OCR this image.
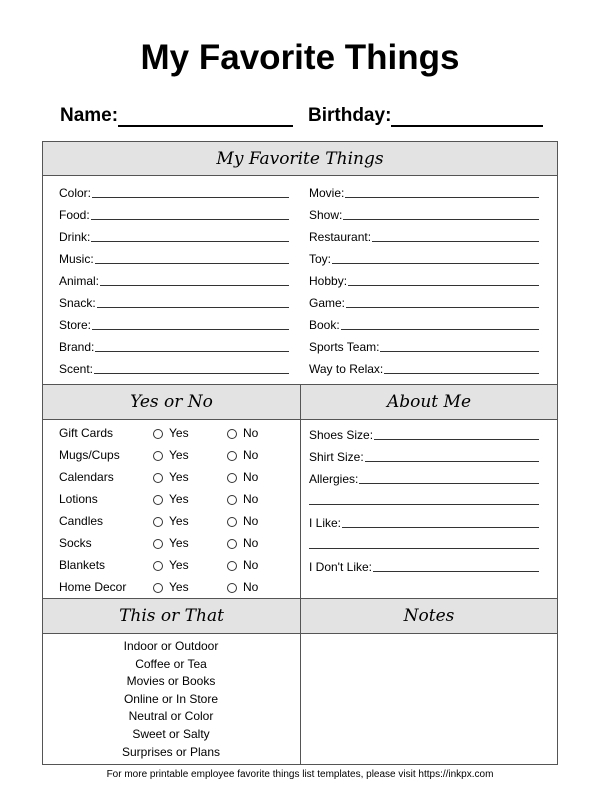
My Favorite Things
Name:	Birthday:
My Favorite Things
Color:
Food:
Drink:
Music:
Animal:
Snack:
Store:
Brand:
Scent:
Movie:
Show:
Restaurant:
Toy:
Hobby:
Game:
Book:
Sports Team:
Way to Relax:
Yes or No	About Me
Gift Cards	Yes	No
Mugs/Cups	Yes	No
Calendars	Yes	No
Lotions	Yes	No
Candles	Yes	No
Socks	Yes	No
Blankets	Yes	No
Home Decor	Yes	No
Shoes Size:
Shirt Size:
Allergies:
I Like:
I Don't Like:
This or That	Notes
Indoor or Outdoor
Coffee or Tea
Movies or Books
Online or In Store
Neutral or Color
Sweet or Salty
Surprises or Plans
For more printable employee favorite things list templates, please visit https://inkpx.com
